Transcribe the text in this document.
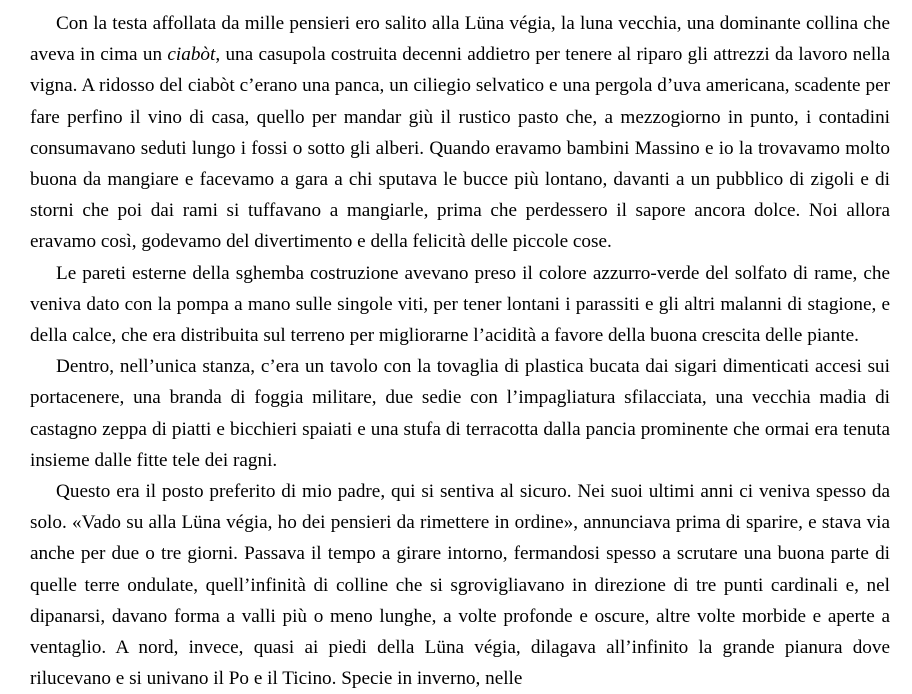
Con la testa affollata da mille pensieri ero salito alla Lüna végia, la luna vecchia, una dominante collina che aveva in cima un ciabòt, una casupola costruita decenni addietro per tenere al riparo gli attrezzi da lavoro nella vigna. A ridosso del ciabòt c’erano una panca, un ciliegio selvatico e una pergola d’uva americana, scadente per fare perfino il vino di casa, quello per mandar giù il rustico pasto che, a mezzogiorno in punto, i contadini consumavano seduti lungo i fossi o sotto gli alberi. Quando eravamo bambini Massino e io la trovavamo molto buona da mangiare e facevamo a gara a chi sputava le bucce più lontano, davanti a un pubblico di zigoli e di storni che poi dai rami si tuffavano a mangiarle, prima che perdessero il sapore ancora dolce. Noi allora eravamo così, godevamo del divertimento e della felicità delle piccole cose.

Le pareti esterne della sghemba costruzione avevano preso il colore azzurro-verde del solfato di rame, che veniva dato con la pompa a mano sulle singole viti, per tener lontani i parassiti e gli altri malanni di stagione, e della calce, che era distribuita sul terreno per migliorarne l’acidità a favore della buona crescita delle piante.

Dentro, nell’unica stanza, c’era un tavolo con la tovaglia di plastica bucata dai sigari dimenticati accesi sui portacenere, una branda di foggia militare, due sedie con l’impagliatura sfilacciata, una vecchia madia di castagno zeppa di piatti e bicchieri spaiati e una stufa di terracotta dalla pancia prominente che ormai era tenuta insieme dalle fitte tele dei ragni.

Questo era il posto preferito di mio padre, qui si sentiva al sicuro. Nei suoi ultimi anni ci veniva spesso da solo. «Vado su alla Lüna végia, ho dei pensieri da rimettere in ordine», annunciava prima di sparire, e stava via anche per due o tre giorni. Passava il tempo a girare intorno, fermandosi spesso a scrutare una buona parte di quelle terre ondulate, quell’infinità di colline che si sgrovigliavano in direzione di tre punti cardinali e, nel dipanarsi, davano forma a valli più o meno lunghe, a volte profonde e oscure, altre volte morbide e aperte a ventaglio. A nord, invece, quasi ai piedi della Lüna végia, dilagava all’infinito la grande pianura dove rilucevano e si univano il Po e il Ticino. Specie in inverno, nelle
